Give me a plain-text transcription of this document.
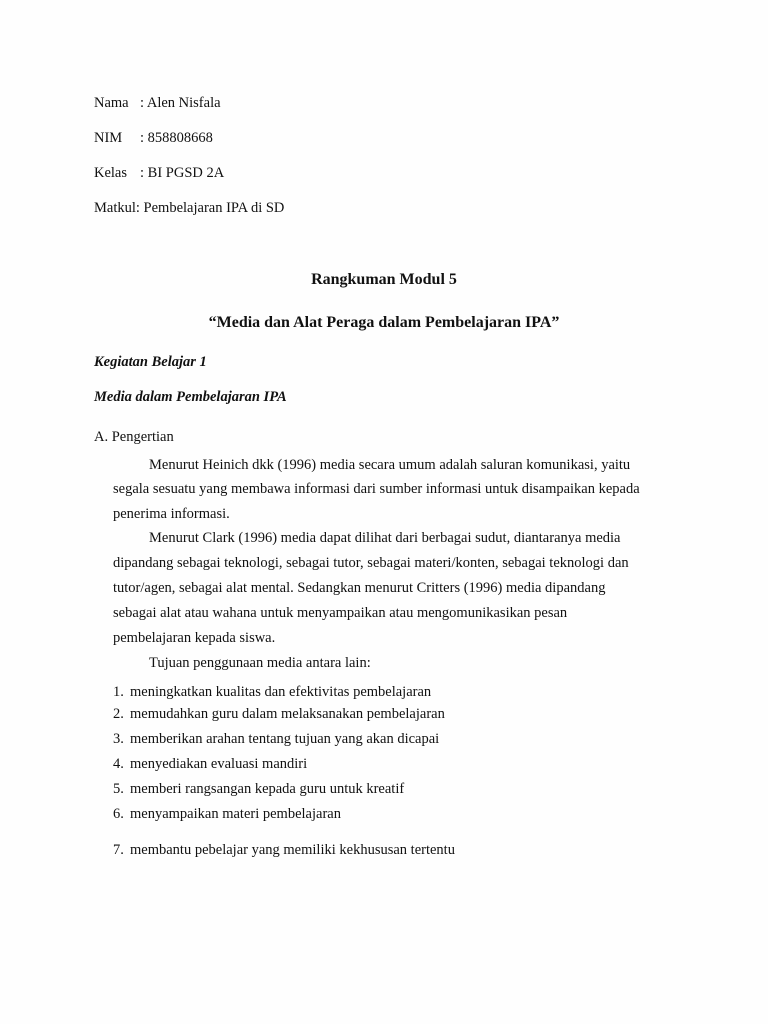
Nama : Alen Nisfala
NIM : 858808668
Kelas : BI PGSD 2A
Matkul: Pembelajaran IPA di SD
Rangkuman Modul 5
“Media dan Alat Peraga dalam Pembelajaran IPA”
Kegiatan Belajar 1
Media dalam Pembelajaran IPA
A. Pengertian
Menurut Heinich dkk (1996) media secara umum adalah saluran komunikasi, yaitu
segala sesuatu yang membawa informasi dari sumber informasi untuk disampaikan kepada
penerima informasi.
Menurut Clark (1996) media dapat dilihat dari berbagai sudut, diantaranya media
dipandang sebagai teknologi, sebagai tutor, sebagai materi/konten, sebagai teknologi dan
tutor/agen, sebagai alat mental. Sedangkan menurut Critters (1996) media dipandang
sebagai alat atau wahana untuk menyampaikan atau mengomunikasikan pesan
pembelajaran kepada siswa.
Tujuan penggunaan media antara lain:
1. meningkatkan kualitas dan efektivitas pembelajaran
2. memudahkan guru dalam melaksanakan pembelajaran
3. memberikan arahan tentang tujuan yang akan dicapai
4. menyediakan evaluasi mandiri
5. memberi rangsangan kepada guru untuk kreatif
6. menyampaikan materi pembelajaran
7. membantu pebelajar yang memiliki kekhususan tertentu
